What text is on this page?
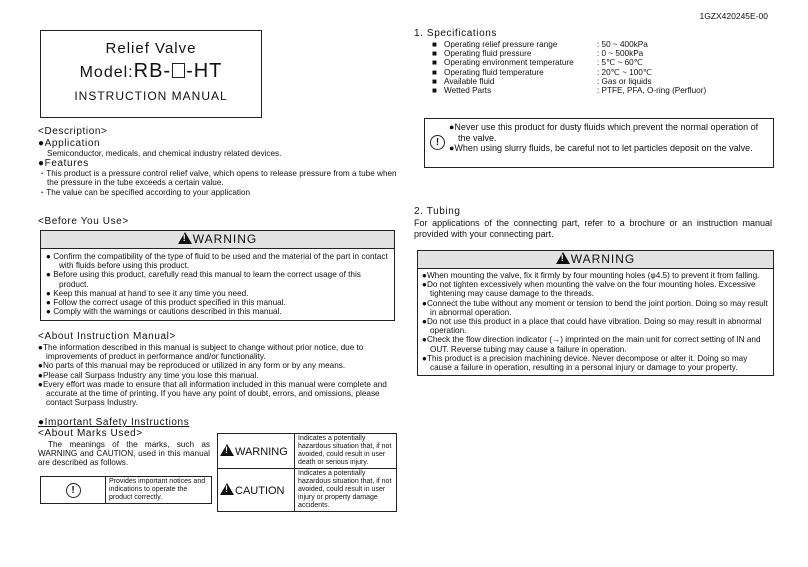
1GZX420245E-00
Relief Valve
Model:RB- -HT
INSTRUCTION MANUAL
<Description>
●Application
Semiconductor, medicals, and chemical industry related devices.
●Features
・This product is a pressure control relief valve, which opens to release pressure from a tube when the pressure in the tube exceeds a certain value.
・The value can be specified according to your application
<Before You Use>
!WARNING
● Confirm the compatibility of the type of fluid to be used and the material of the part in contact with fluids before using this product.
● Before using this product, carefully read this manual to learn the correct usage of this product.
● Keep this manual at hand to see it any time you need.
● Follow the correct usage of this product specified in this manual.
● Comply with the warnings or cautions described in this manual.
<About Instruction Manual>
●The information described in this manual is subject to change without prior notice, due to improvements of product in performance and/or functionality.
●No parts of this manual may be reproduced or utilized in any form or by any means.
●Please call Surpass Industry any time you lose this manual.
●Every effort was made to ensure that all information included in this manual were complete and accurate at the time of printing. If you have any point of doubt, errors, and omissions, please contact Surpass Industry.
●Important Safety Instructions
<About Marks Used>
The meanings of the marks, such as WARNING and CAUTION, used in this manual are described as follows.
!	Provides important notices and indications to operate the product correctly.
!WARNING	Indicates a potentially hazardous situation that, if not avoided, could result in user death or serious injury.
!CAUTION	Indicates a potentially hazardous situation that, if not avoided, could result in user injury or property damage accidents.
1. Specifications
■ Operating relief pressure range	: 50 ~ 400kPa
■ Operating fluid pressure	: 0 ~ 500kPa
■ Operating environment temperature	: 5℃ ~ 60℃
■ Operating fluid temperature	: 20℃ ~ 100℃
■ Available fluid	: Gas or liquids
■ Wetted Parts	: PTFE, PFA, O-ring (Perfluor)
!
●Never use this product for dusty fluids which prevent the normal operation of the valve.
●When using slurry fluids, be careful not to let particles deposit on the valve.
2. Tubing
For applications of the connecting part, refer to a brochure or an instruction manual provided with your connecting part.
!WARNING
●When mounting the valve, fix it firmly by four mounting holes (φ4.5) to prevent it from falling.
●Do not tighten excessively when mounting the valve on the four mounting holes. Excessive tightening may cause damage to the threads.
●Connect the tube without any moment or tension to bend the joint portion. Doing so may result in abnormal operation.
●Do not use this product in a place that could have vibration. Doing so may result in abnormal operation.
●Check the flow direction indicator (→) imprinted on the main unit for correct setting of IN and OUT. Reverse tubing may cause a failure in operation.
●This product is a precision machining device. Never decompose or alter it. Doing so may cause a failure in operation, resulting in a personal injury or damage to your property.
